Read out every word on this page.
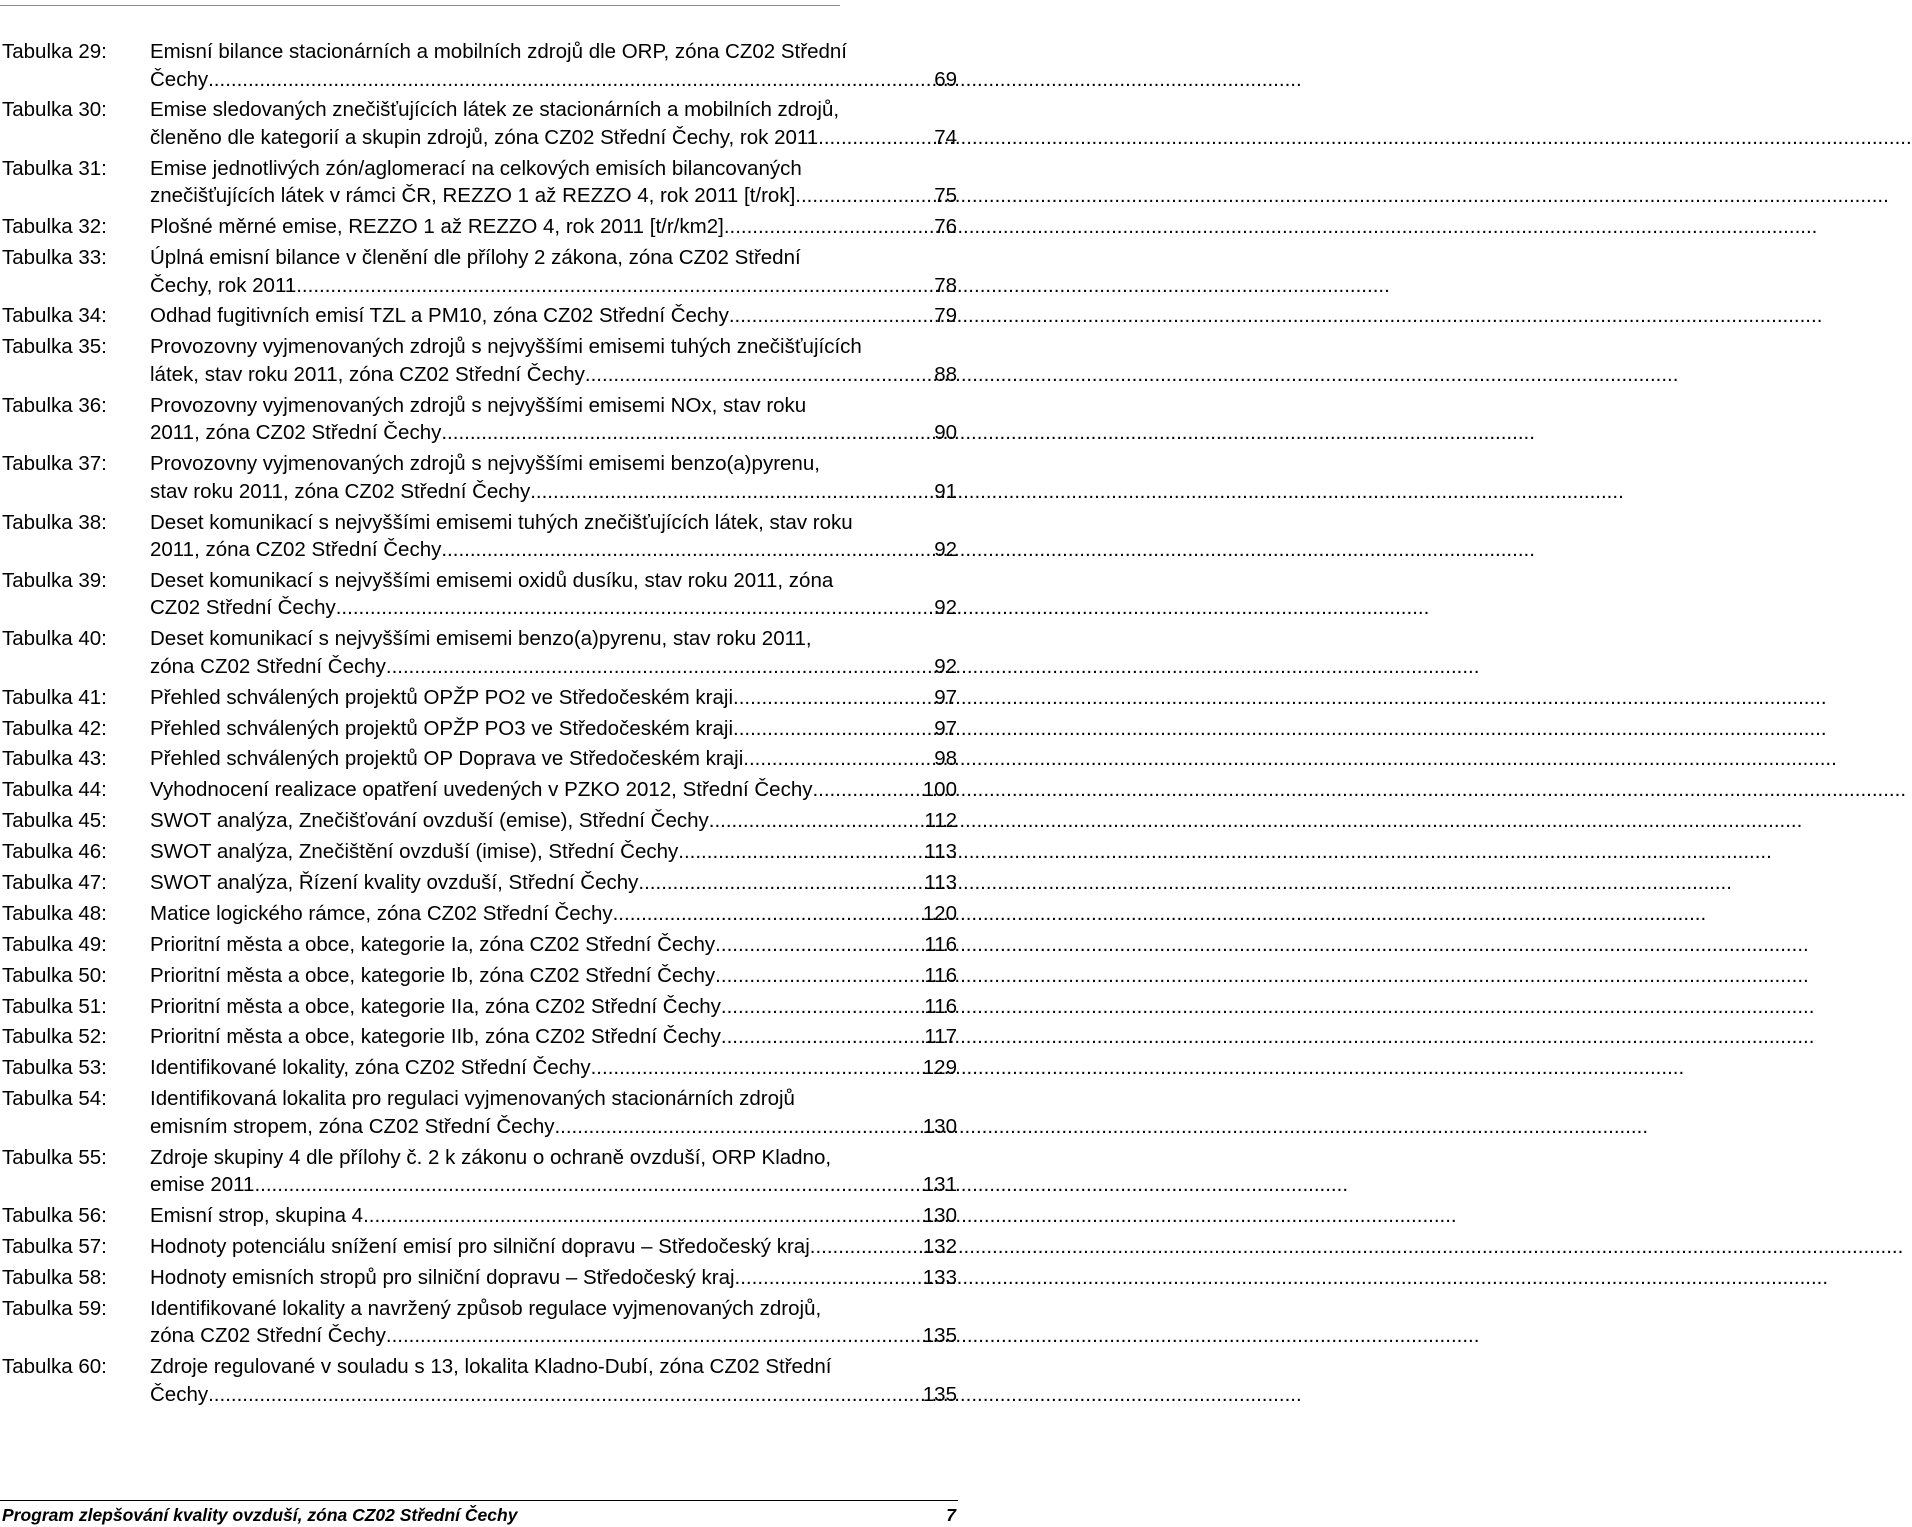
Tabulka 29:	Emisní bilance stacionárních a mobilních zdrojů dle ORP, zóna CZ02 Střední
Čechy .....	69
Tabulka 30:	Emise sledovaných znečišťujících látek ze stacionárních a mobilních zdrojů,
členěno dle kategorií a skupin zdrojů, zóna CZ02 Střední Čechy, rok 2011 .....	74
Tabulka 31:	Emise jednotlivých zón/aglomerací na celkových emisích bilancovaných
znečišťujících látek v rámci ČR, REZZO 1 až REZZO 4, rok 2011 [t/rok] .....	75
Tabulka 32:	Plošné měrné emise, REZZO 1 až REZZO 4, rok 2011 [t/r/km2] .....	76
Tabulka 33:	Úplná emisní bilance v členění dle přílohy 2 zákona, zóna CZ02 Střední
Čechy, rok 2011 .....	78
Tabulka 34:	Odhad fugitivních emisí TZL a PM10, zóna CZ02 Střední Čechy .....	79
Tabulka 35:	Provozovny vyjmenovaných zdrojů s nejvyššími emisemi tuhých znečišťujících
látek, stav roku 2011, zóna CZ02 Střední Čechy .....	88
Tabulka 36:	Provozovny vyjmenovaných zdrojů s nejvyššími emisemi NOx, stav roku
2011, zóna CZ02 Střední Čechy .....	90
Tabulka 37:	Provozovny vyjmenovaných zdrojů s nejvyššími emisemi benzo(a)pyrenu,
stav roku 2011, zóna CZ02 Střední Čechy .....	91
Tabulka 38:	Deset komunikací s nejvyššími emisemi tuhých znečišťujících látek, stav roku
2011, zóna CZ02 Střední Čechy .....	92
Tabulka 39:	Deset komunikací s nejvyššími emisemi oxidů dusíku, stav roku 2011, zóna
CZ02 Střední Čechy .....	92
Tabulka 40:	Deset komunikací s nejvyššími emisemi benzo(a)pyrenu, stav roku 2011,
zóna CZ02 Střední Čechy .....	92
Tabulka 41:	Přehled schválených projektů OPŽP PO2 ve Středočeském kraji .....	97
Tabulka 42:	Přehled schválených projektů OPŽP PO3 ve Středočeském kraji .....	97
Tabulka 43:	Přehled schválených projektů OP Doprava ve Středočeském kraji .....	98
Tabulka 44:	Vyhodnocení realizace opatření uvedených v PZKO 2012, Střední Čechy .....	100
Tabulka 45:	SWOT analýza, Znečišťování ovzduší (emise), Střední Čechy .....	112
Tabulka 46:	SWOT analýza, Znečištění ovzduší (imise), Střední Čechy .....	113
Tabulka 47:	SWOT analýza, Řízení kvality ovzduší, Střední Čechy .....	113
Tabulka 48:	Matice logického rámce, zóna CZ02 Střední Čechy .....	120
Tabulka 49:	Prioritní města a obce, kategorie Ia, zóna CZ02 Střední Čechy .....	116
Tabulka 50:	Prioritní města a obce, kategorie Ib, zóna CZ02 Střední Čechy .....	116
Tabulka 51:	Prioritní města a obce, kategorie IIa, zóna CZ02 Střední Čechy .....	116
Tabulka 52:	Prioritní města a obce, kategorie IIb, zóna CZ02 Střední Čechy .....	117
Tabulka 53:	Identifikované lokality, zóna CZ02 Střední Čechy .....	129
Tabulka 54:	Identifikovaná lokalita pro regulaci vyjmenovaných stacionárních zdrojů
emisním stropem, zóna CZ02 Střední Čechy .....	130
Tabulka 55:	Zdroje skupiny 4 dle přílohy č. 2 k zákonu o ochraně ovzduší, ORP Kladno,
emise 2011 .....	131
Tabulka 56:	Emisní strop, skupina 4 .....	130
Tabulka 57:	Hodnoty potenciálu snížení emisí pro silniční dopravu – Středočeský kraj .....	132
Tabulka 58:	Hodnoty emisních stropů pro silniční dopravu – Středočeský kraj .....	133
Tabulka 59:	Identifikované lokality a navržený způsob regulace vyjmenovaných zdrojů,
zóna CZ02 Střední Čechy .....	135
Tabulka 60:	Zdroje regulované v souladu s 13, lokalita Kladno-Dubí, zóna CZ02 Střední
Čechy .....	135
Program zlepšování kvality ovzduší, zóna CZ02 Střední Čechy	7
